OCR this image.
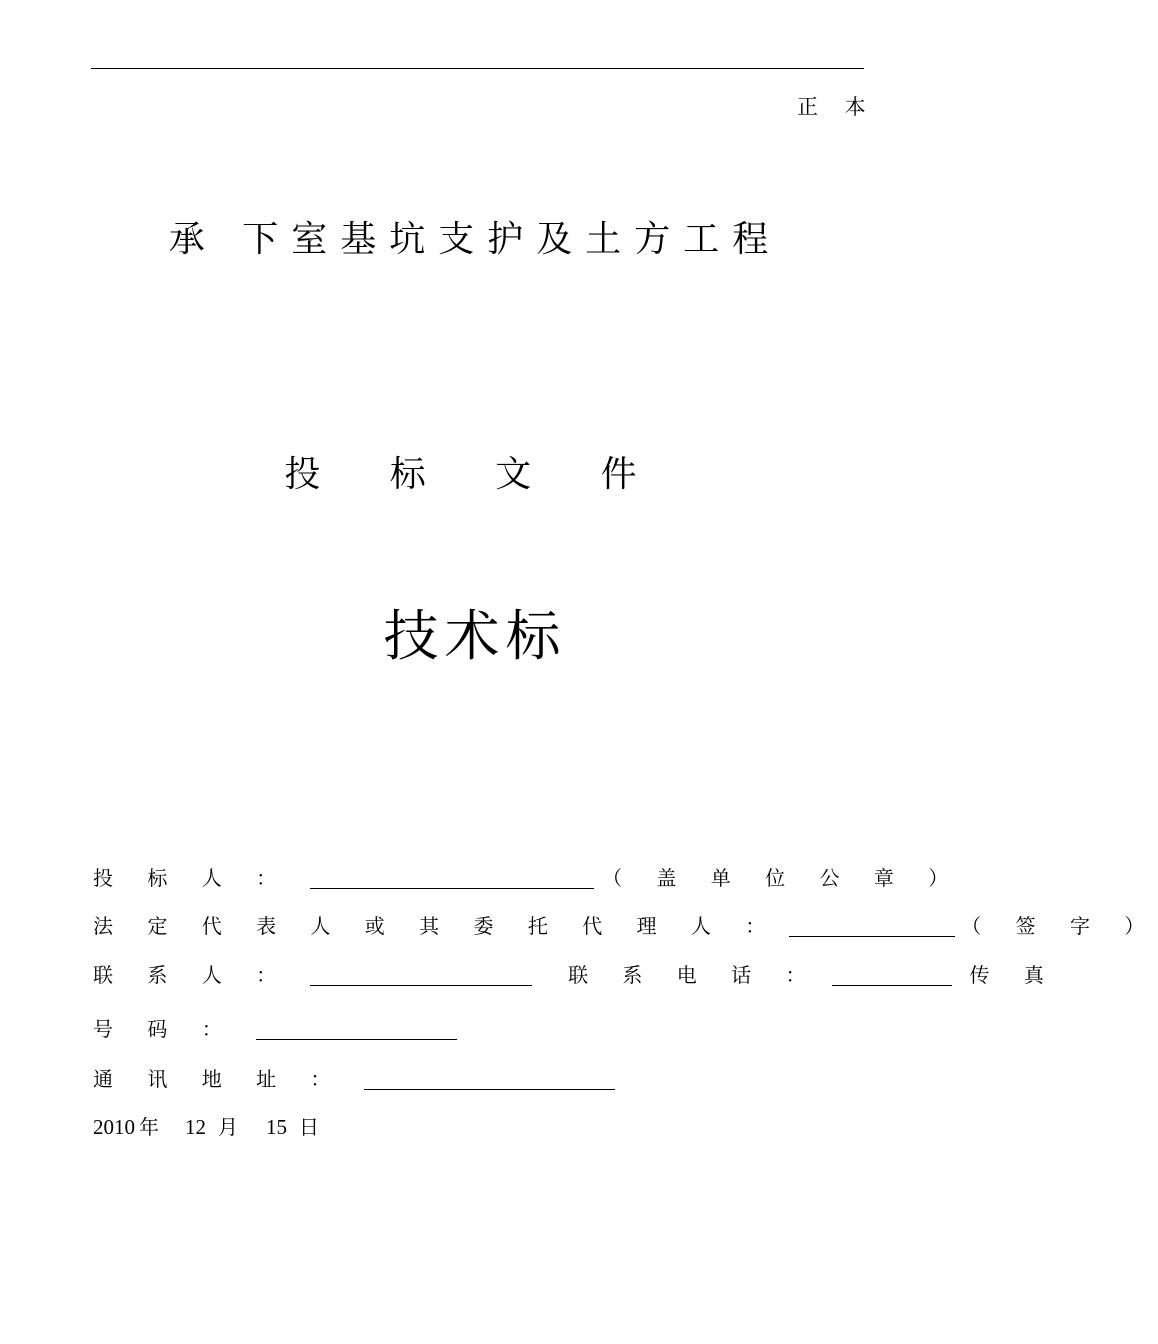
正 本
承 下室基坑支护及土方工程
投 标 文 件
技术标
投 标 人 ：	（ 盖 单 位 公 章 ）
法 定 代 表 人 或 其 委 托 代 理 人 ：	（ 签 字 ）
联 系 人 ：	联 系 电 话 ：	传 真
号 码 ：
通 讯 地 址 ：
2010 年 12 月 15 日
